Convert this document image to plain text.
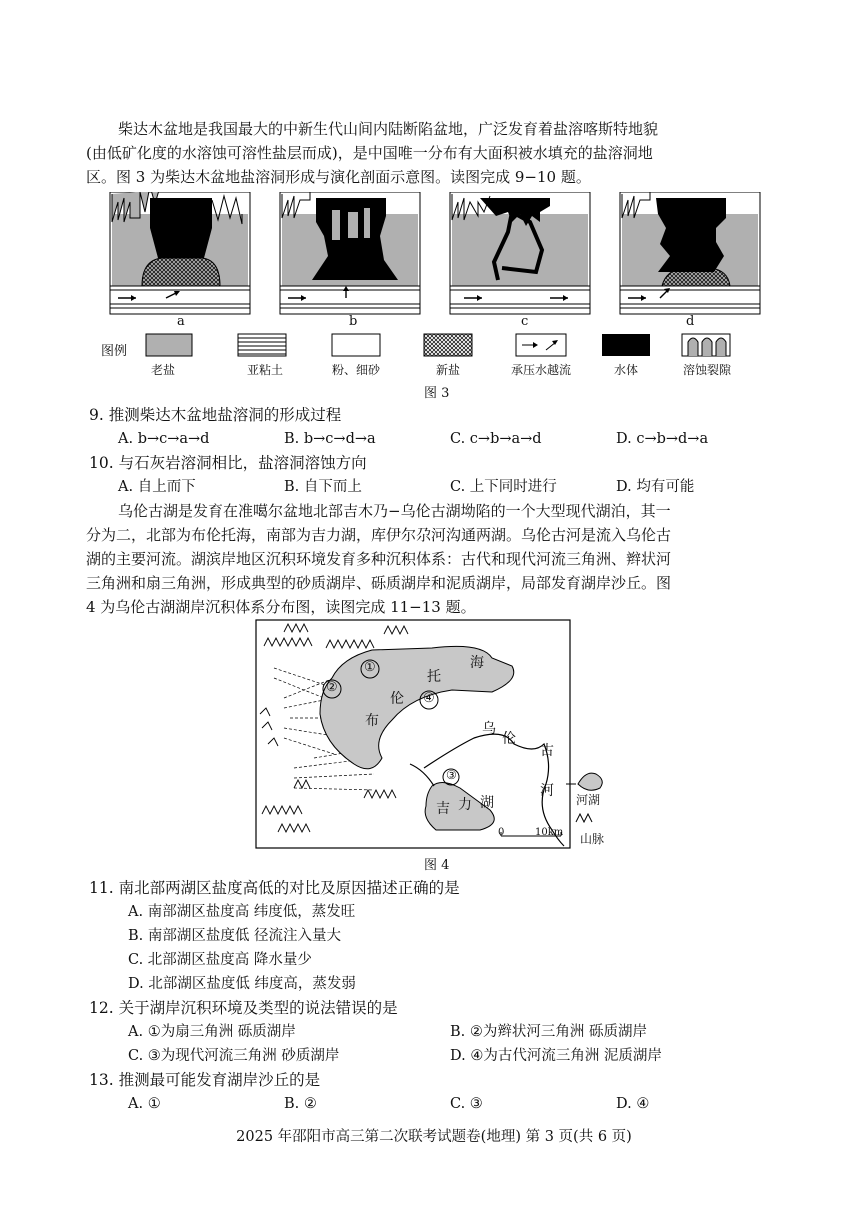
柴达木盆地是我国最大的中新生代山间内陆断陷盆地，广泛发育着盐溶喀斯特地貌
(由低矿化度的水溶蚀可溶性盐层而成)，是中国唯一分布有大面积被水填充的盐溶洞地
区。图 3 为柴达木盆地盐溶洞形成与演化剖面示意图。读图完成 9−10 题。
a	b	c	d
图例
老盐	亚粘土	粉、细砂	新盐	承压水越流	水体	溶蚀裂隙
图 3
9. 推测柴达木盆地盐溶洞的形成过程
A. b→c→a→d	B. b→c→d→a	C. c→b→a→d	D. c→b→d→a
10. 与石灰岩溶洞相比，盐溶洞溶蚀方向
A. 自上而下	B. 自下而上	C. 上下同时进行	D. 均有可能
乌伦古湖是发育在准噶尔盆地北部吉木乃−乌伦古湖坳陷的一个大型现代湖泊，其一
分为二，北部为布伦托海，南部为吉力湖，库伊尔尕河沟通两湖。乌伦古河是流入乌伦古
湖的主要河流。湖滨岸地区沉积环境发育多种沉积体系：古代和现代河流三角洲、辫状河
三角洲和扇三角洲，形成典型的砂质湖岸、砾质湖岸和泥质湖岸，局部发育湖岸沙丘。图
4 为乌伦古湖湖岸沉积体系分布图，读图完成 11−13 题。
布
伦
托
海
乌
伦
古
河
吉 力 湖
①
②
③
④
0	10km
河湖
山脉
图 4
11. 南北部两湖区盐度高低的对比及原因描述正确的是
A. 南部湖区盐度高 纬度低，蒸发旺
B. 南部湖区盐度低 径流注入量大
C. 北部湖区盐度高 降水量少
D. 北部湖区盐度低 纬度高，蒸发弱
12. 关于湖岸沉积环境及类型的说法错误的是
A. ①为扇三角洲 砾质湖岸	B. ②为辫状河三角洲 砾质湖岸
C. ③为现代河流三角洲 砂质湖岸	D. ④为古代河流三角洲 泥质湖岸
13. 推测最可能发育湖岸沙丘的是
A. ①	B. ②	C. ③	D. ④
2025 年邵阳市高三第二次联考试题卷(地理) 第 3 页(共 6 页)
